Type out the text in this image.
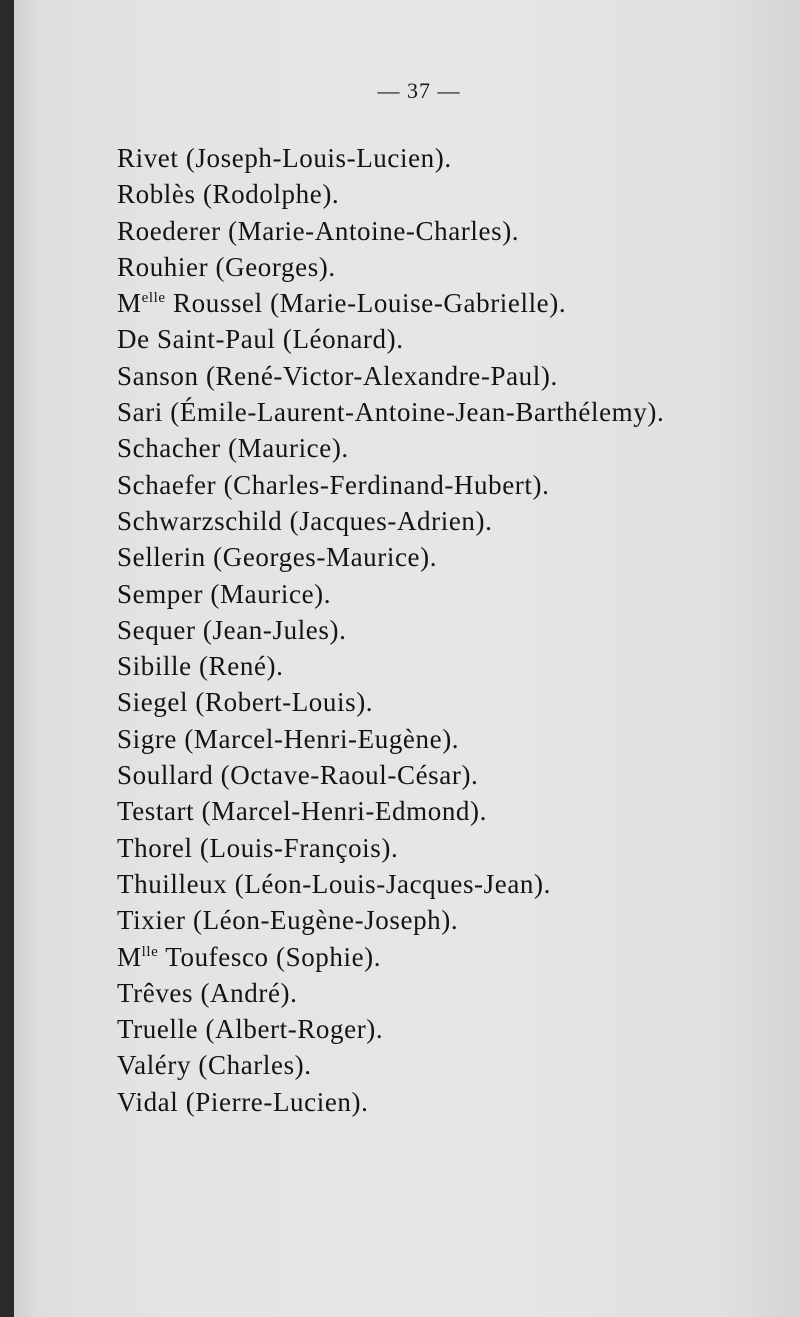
— 37 —
Rivet (Joseph-Louis-Lucien).
Roblès (Rodolphe).
Roederer (Marie-Antoine-Charles).
Rouhier (Georges).
$M^{elle}$ Roussel (Marie-Louise-Gabrielle).
De Saint-Paul (Léonard).
Sanson (René-Victor-Alexandre-Paul).
Sari (Émile-Laurent-Antoine-Jean-Barthélemy).
Schacher (Maurice).
Schaefer (Charles-Ferdinand-Hubert).
Schwarzschild (Jacques-Adrien).
Sellerin (Georges-Maurice).
Semper (Maurice).
Sequer (Jean-Jules).
Sibille (René).
Siegel (Robert-Louis).
Sigre (Marcel-Henri-Eugène).
Soullard (Octave-Raoul-César).
Testart (Marcel-Henri-Edmond).
Thorel (Louis-François).
Thuilleux (Léon-Louis-Jacques-Jean).
Tixier (Léon-Eugène-Joseph).
$M^{lle}$ Toufesco (Sophie).
Trêves (André).
Truelle (Albert-Roger).
Valéry (Charles).
Vidal (Pierre-Lucien).
